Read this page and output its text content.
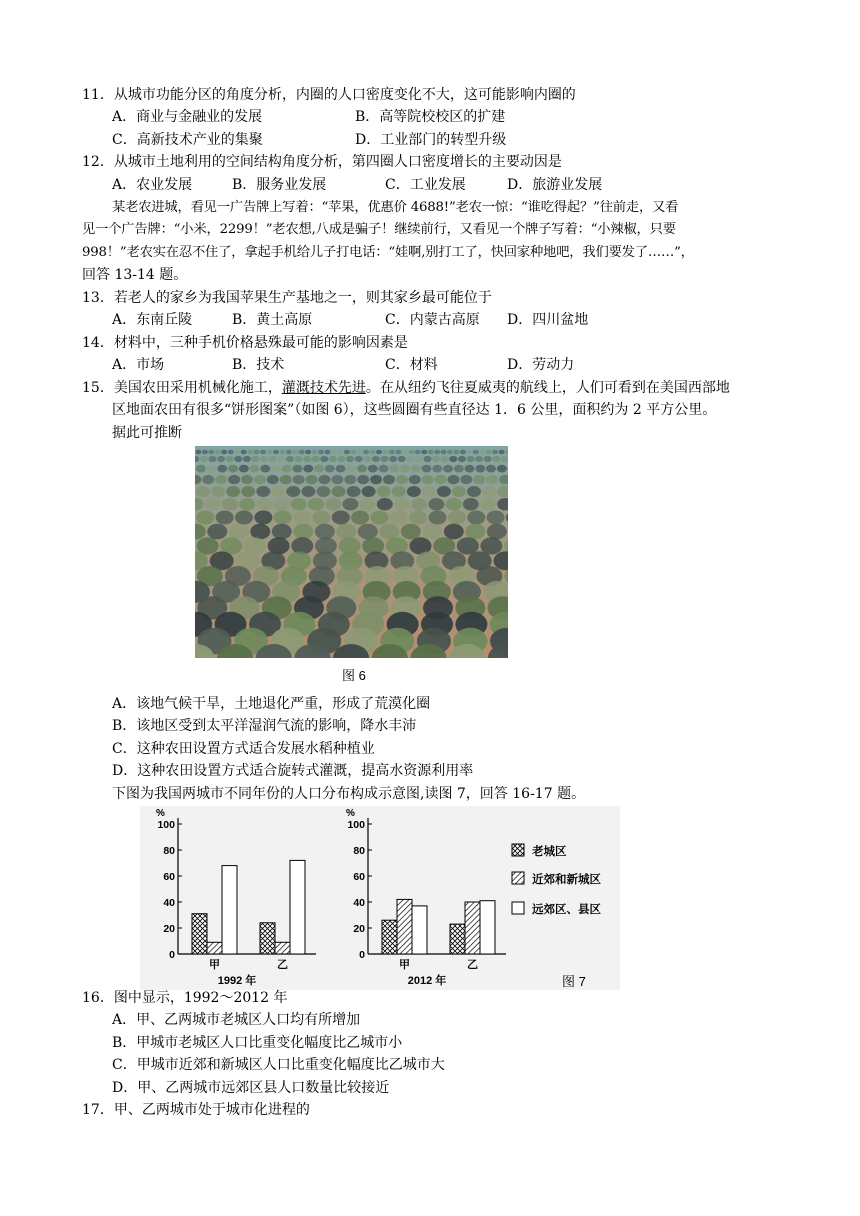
11．从城市功能分区的角度分析，内圈的人口密度变化不大，这可能影响内圈的
A．商业与金融业的发展	B．高等院校校区的扩建
C．高新技术产业的集聚	D．工业部门的转型升级
12．从城市土地利用的空间结构角度分析，第四圈人口密度增长的主要动因是
A．农业发展	B．服务业发展	C．工业发展	D．旅游业发展
某老农进城，看见一广告牌上写着：“苹果，优惠价 4688!”老农一惊：“谁吃得起？”往前走，又看
见一个广告牌：“小米，2299！”老农想,八成是骗子！继续前行，又看见一个牌子写着：“小辣椒，只要
998！”老农实在忍不住了，拿起手机给儿子打电话：“娃啊,别打工了，快回家种地吧，我们要发了……”，
回答 13-14 题。
13．若老人的家乡为我国苹果生产基地之一，则其家乡最可能位于
A．东南丘陵	B．黄土高原	C．内蒙古高原 D．四川盆地
14．材料中，三种手机价格悬殊最可能的影响因素是
A．市场	B．技术	C．材料	D．劳动力
15．美国农田采用机械化施工，灌溉技术先进。在从纽约飞往夏威夷的航线上，人们可看到在美国西部地
区地面农田有很多“饼形图案”（如图 6），这些圆圈有些直径达 1．6 公里，面积约为 2 平方公里。
据此可推断
图 6
A．该地气候干旱，土地退化严重，形成了荒漠化圈
B．该地区受到太平洋湿润气流的影响，降水丰沛
C．这种农田设置方式适合发展水稻种植业
D．这种农田设置方式适合旋转式灌溉，提高水资源利用率
下图为我国两城市不同年份的人口分布构成示意图,读图 7，回答 16-17 题。
%
0
20
40
60
80
100
甲	乙
1992 年
%
0
20
40
60
80
100
甲	乙
2012 年
老城区
近郊和新城区
远郊区、县区
图 7
16．图中显示，1992～2012 年
A．甲、乙两城市老城区人口均有所增加
B．甲城市老城区人口比重变化幅度比乙城市小
C．甲城市近郊和新城区人口比重变化幅度比乙城市大
D．甲、乙两城市远郊区县人口数量比较接近
17．甲、乙两城市处于城市化进程的
